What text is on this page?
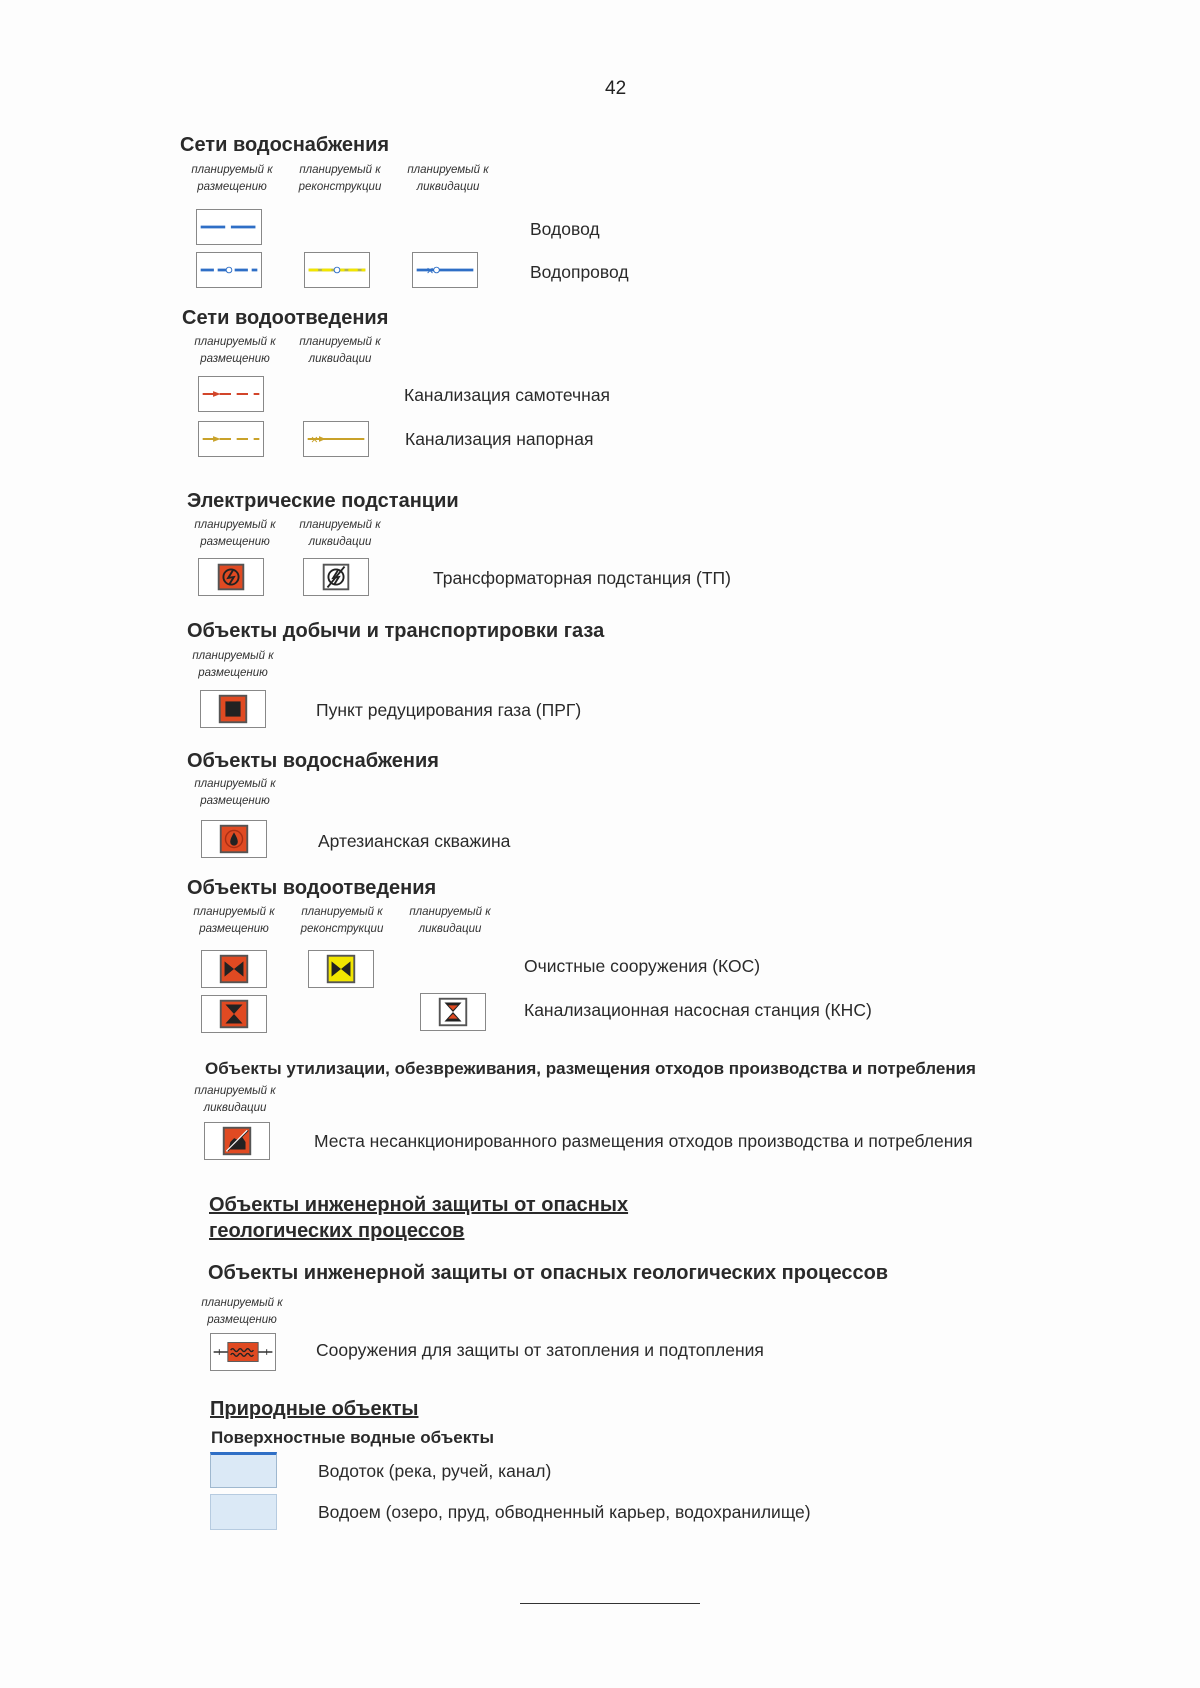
42
Сети водоснабжения
планируемый к размещению
планируемый к реконструкции
планируемый к ликвидации
Водовод
✕	Водопровод
Сети водоотведения
планируемый к размещению
планируемый к ликвидации
Канализация самотечная
✕	Канализация напорная
Электрические подстанции
планируемый к размещению
планируемый к ликвидации
Трансформаторная подстанция (ТП)
Объекты добычи и транспортировки газа
планируемый к размещению
Пункт редуцирования газа (ПРГ)
Объекты водоснабжения
планируемый к размещению
Артезианская скважина
Объекты водоотведения
планируемый к размещению
планируемый к реконструкции
планируемый к ликвидации
Очистные сооружения (КОС)
Канализационная насосная станция (КНС)
Объекты утилизации, обезвреживания, размещения отходов производства и потребления
планируемый к ликвидации
Места несанкционированного размещения отходов производства и потребления
Объекты инженерной защиты от опасных геологических процессов
Объекты инженерной защиты от опасных геологических процессов
планируемый к размещению
Сооружения для защиты от затопления и подтопления
Природные объекты
Поверхностные водные объекты
Водоток (река, ручей, канал)
Водоем (озеро, пруд, обводненный карьер, водохранилище)
